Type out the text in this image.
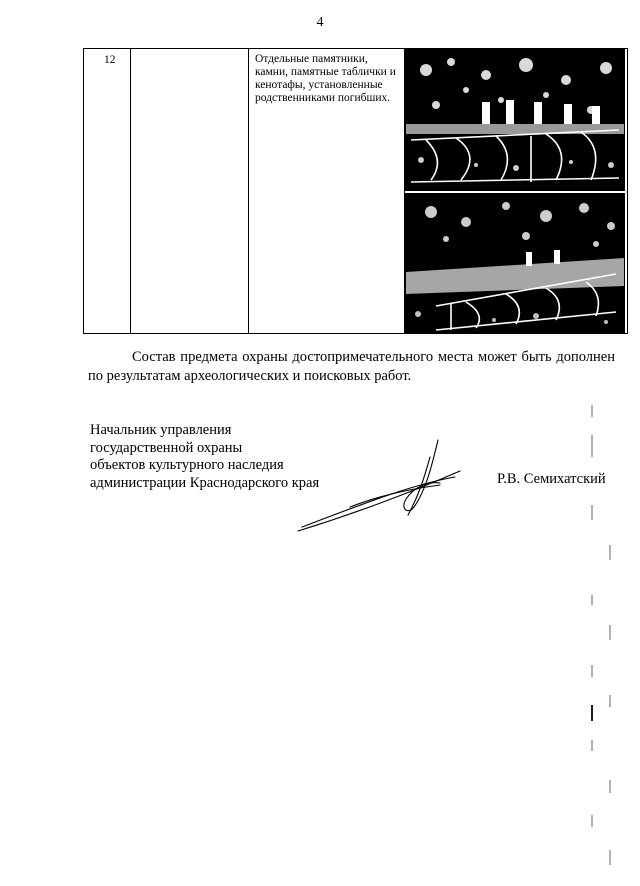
4
12		Отдельные памятники, камни, памятные таблички и кенотафы, установленные родственниками погибших.

Состав предмета охраны достопримечательного места может быть дополнен по результатам археологических и поисковых работ.

Начальник управления
государственной охраны
объектов культурного наследия
администрации Краснодарского края	Р.В. Семихатский
